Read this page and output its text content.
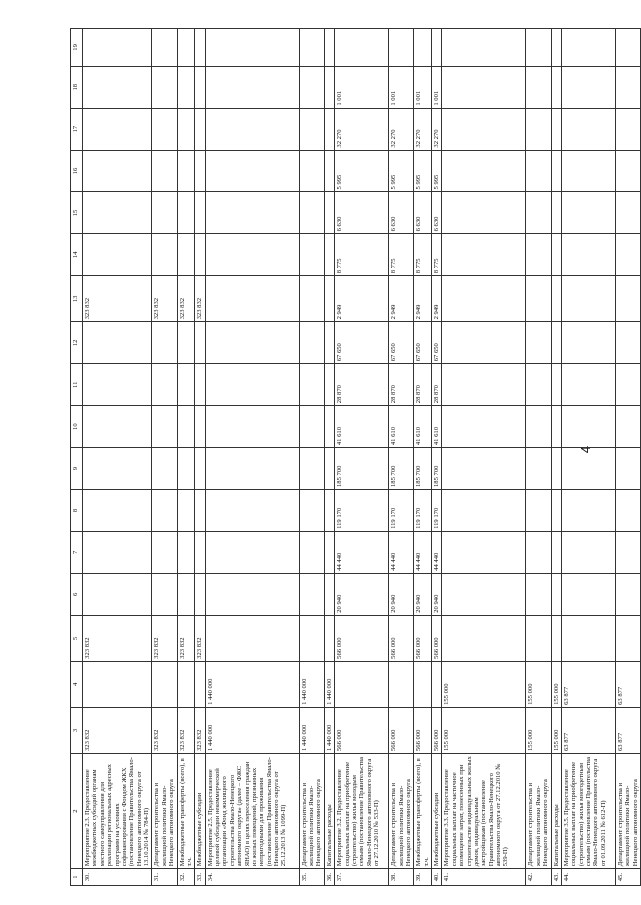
4
1	2	3	4	5	6	7	8	9	10	11	12	13	14	15	16	17	18	19
30.	Мероприятие 2.3. Предоставление межбюджетных субсидий органам местного самоуправления для реализации региональных адресных программ на условиях софинансирования с Фондом ЖКХ (постановление Правительства Ямало-Ненецкого автономного округа от 13.10.2014 № 784-П)	323 832		323 832								323 832						
31.	Департамент строительства и жилищной политики Ямало-Ненецкого автономного округа	323 832		323 832								323 832						
32.	Межбюджетные трансферты (всего), в т.ч.	323 832		323 832								323 832						
33.	Межбюджетные субсидии	323 832		323 832								323 832						
34.	Мероприятие 2.5. Предоставление целевой субсидии некоммерческой организации «Фонд жилищного строительства Ямало-Ненецкого автономного округа» (далее – ФЖС ЯНАО) в целях переселения граждан из жилых помещений, признанных непригодными для проживания (постановление Правительства Ямало-Ненецкого автономного округа от 25.12.2013 № 1099-П)	1 440 000	1 440 000															
35.	Департамент строительства и жилищной политики Ямало-Ненецкого автономного округа	1 440 000	1 440 000															
36.	Капитальные расходы	1 440 000	1 440 000															
37.	Мероприятие 3.2. Предоставление социальных выплат на приобретение (строительство) жилья молодым семьям (постановление Правительства Ямало-Ненецкого автономного округа от 27.12.2010 № 533-П)	566 000		566 000	20 940	44 440	119 170	185 700	41 610	28 870	67 650	2 949	8 775	6 630	5 995	32 270	1 001	
38.	Департамент строительства и жилищной политики Ямало-Ненецкого автономного округа	566 000		566 000	20 940	44 440	119 170	185 700	41 610	28 870	67 650	2 949	8 775	6 630	5 995	32 270	1 001	
39.	Межбюджетные трансферты (всего), в т.ч.	566 000		566 000	20 940	44 440	119 170	185 700	41 610	28 870	67 650	2 949	8 775	6 630	5 995	32 270	1 001	
40.	Межбюджетные субсидии	566 000		566 000	20 940	44 440	119 170	185 700	41 610	28 870	67 650	2 949	8 775	6 630	5 995	32 270	1 001	
41.	Мероприятие 3.3. Предоставление социальных выплат на частичное возмещение затрат, понесенных при строительстве индивидуальных жилых домов, индивидуальным застройщикам (постановление Правительства Ямало-Ненецкого автономного округа от 27.12.2010 № 539-П)	155 000	155 000															
42.	Департамент строительства и жилищной политики Ямало-Ненецкого автономного округа	155 000	155 000															
43.	Капитальные расходы	155 000	155 000															
44.	Мероприятие 3.5. Предоставление социальных выплат на приобретение (строительство) жилья многодетным семьям (постановление Правительства Ямало-Ненецкого автономного округа от 01.09.2011 № 612-П)	63 877	63 877															
45.	Департамент строительства и жилищной политики Ямало-Ненецкого автономного округа	63 877	63 877															
